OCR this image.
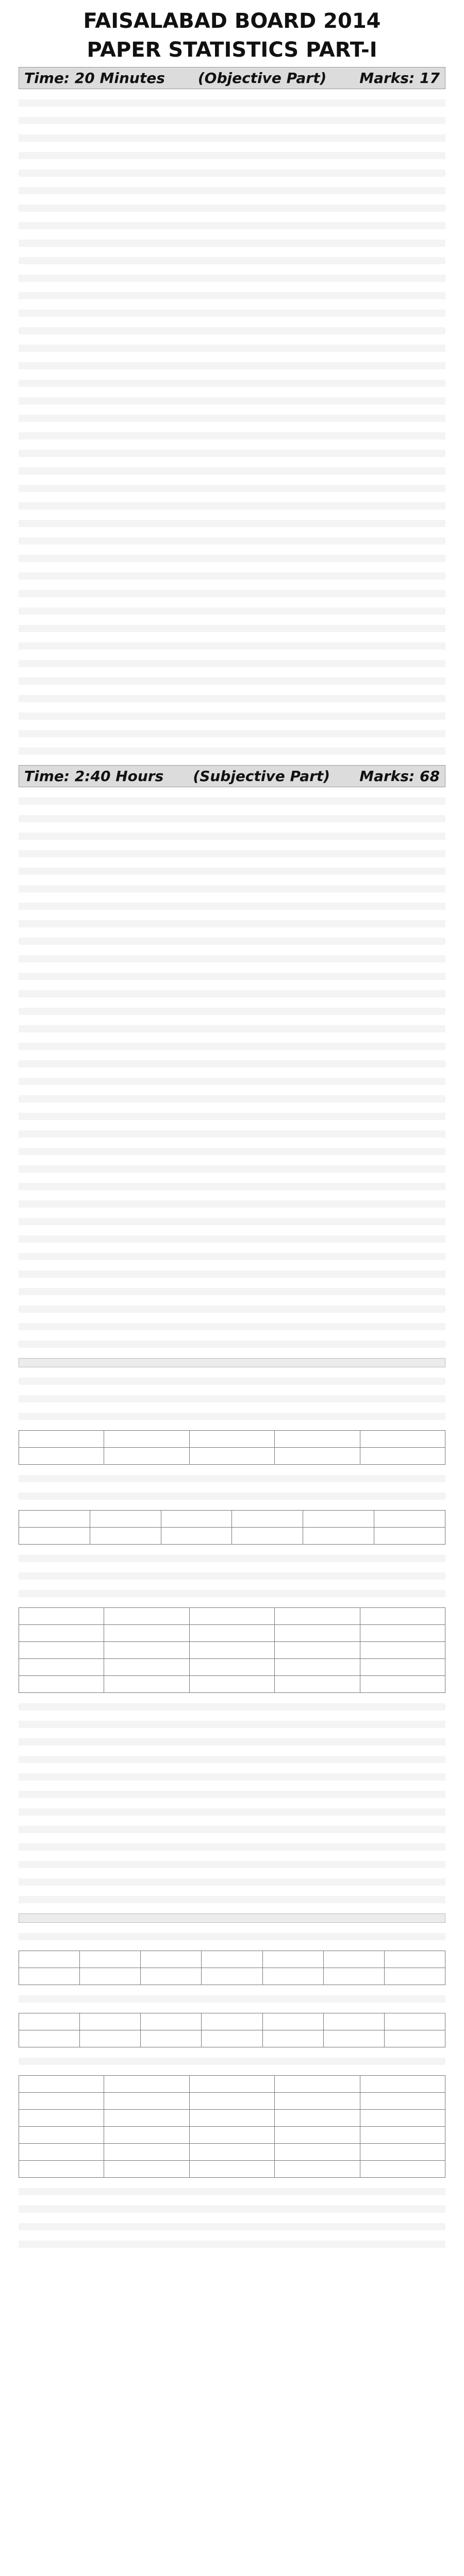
FAISALABAD BOARD 2014
PAPER STATISTICS PART-I
Time: 20 Minutes (Objective Part) Marks: 17
Time: 2:40 Hours (Subjective Part) Marks: 68
